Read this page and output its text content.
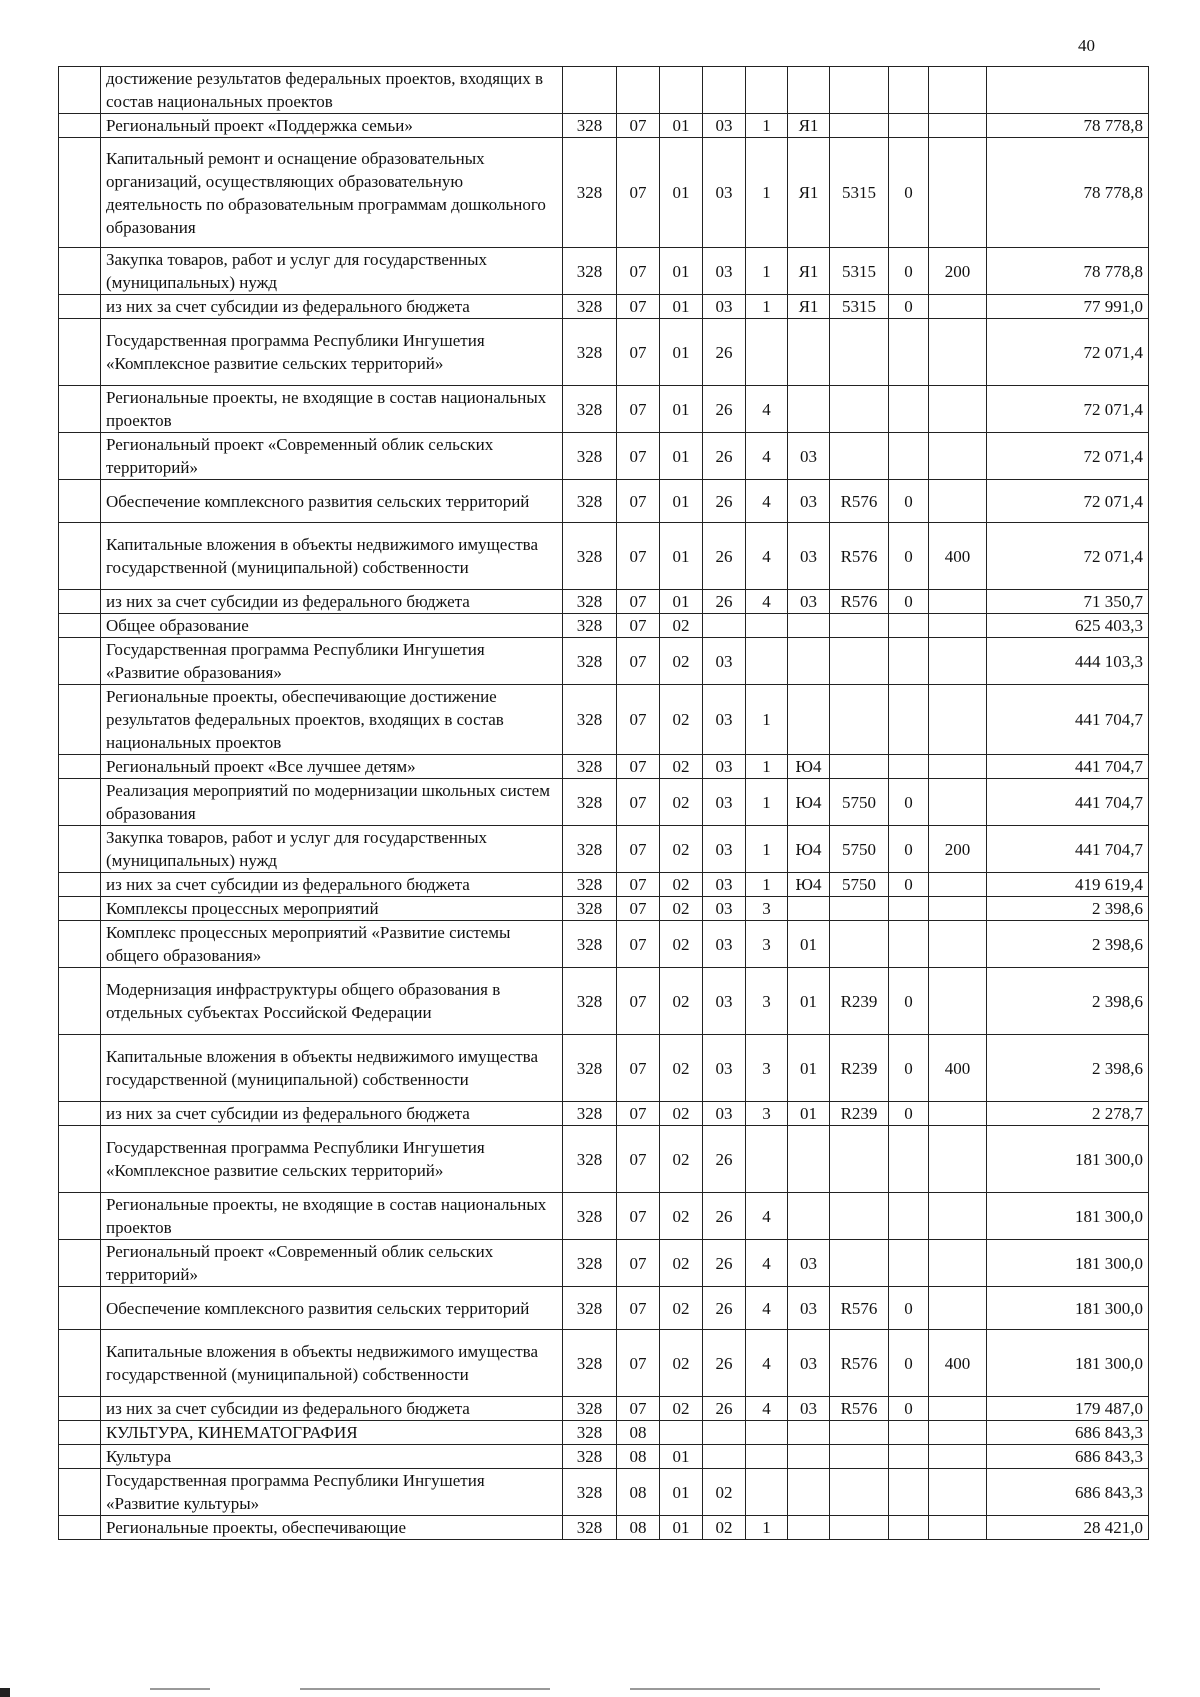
40
	достижение результатов федеральных проектов, входящих в состав национальных проектов										
	Региональный проект «Поддержка семьи»	328	07	01	03	1	Я1				78 778,8
	Капитальный ремонт и оснащение образовательных организаций, осуществляющих образовательную деятельность по образовательным программам дошкольного образования	328	07	01	03	1	Я1	5315	0		78 778,8
	Закупка товаров, работ и услуг для государственных (муниципальных) нужд	328	07	01	03	1	Я1	5315	0	200	78 778,8
	из них за счет субсидии из федерального бюджета	328	07	01	03	1	Я1	5315	0		77 991,0
	Государственная программа Республики Ингушетия «Комплексное развитие сельских территорий»	328	07	01	26						72 071,4
	Региональные проекты, не входящие в состав национальных проектов	328	07	01	26	4					72 071,4
	Региональный проект «Современный облик сельских территорий»	328	07	01	26	4	03				72 071,4
	Обеспечение комплексного развития сельских территорий	328	07	01	26	4	03	R576	0		72 071,4
	Капитальные вложения в объекты недвижимого имущества государственной (муниципальной) собственности	328	07	01	26	4	03	R576	0	400	72 071,4
	из них за счет субсидии из федерального бюджета	328	07	01	26	4	03	R576	0		71 350,7
	Общее образование	328	07	02							625 403,3
	Государственная программа Республики Ингушетия «Развитие образования»	328	07	02	03						444 103,3
	Региональные проекты, обеспечивающие достижение результатов федеральных проектов, входящих в состав национальных проектов	328	07	02	03	1					441 704,7
	Региональный проект «Все лучшее детям»	328	07	02	03	1	Ю4				441 704,7
	Реализация мероприятий по модернизации школьных систем образования	328	07	02	03	1	Ю4	5750	0		441 704,7
	Закупка товаров, работ и услуг для государственных (муниципальных) нужд	328	07	02	03	1	Ю4	5750	0	200	441 704,7
	из них за счет субсидии из федерального бюджета	328	07	02	03	1	Ю4	5750	0		419 619,4
	Комплексы процессных мероприятий	328	07	02	03	3					2 398,6
	Комплекс процессных мероприятий «Развитие системы общего образования»	328	07	02	03	3	01				2 398,6
	Модернизация инфраструктуры общего образования в отдельных субъектах Российской Федерации	328	07	02	03	3	01	R239	0		2 398,6
	Капитальные вложения в объекты недвижимого имущества государственной (муниципальной) собственности	328	07	02	03	3	01	R239	0	400	2 398,6
	из них за счет субсидии из федерального бюджета	328	07	02	03	3	01	R239	0		2 278,7
	Государственная программа Республики Ингушетия «Комплексное развитие сельских территорий»	328	07	02	26						181 300,0
	Региональные проекты, не входящие в состав национальных проектов	328	07	02	26	4					181 300,0
	Региональный проект «Современный облик сельских территорий»	328	07	02	26	4	03				181 300,0
	Обеспечение комплексного развития сельских территорий	328	07	02	26	4	03	R576	0		181 300,0
	Капитальные вложения в объекты недвижимого имущества государственной (муниципальной) собственности	328	07	02	26	4	03	R576	0	400	181 300,0
	из них за счет субсидии из федерального бюджета	328	07	02	26	4	03	R576	0		179 487,0
	КУЛЬТУРА, КИНЕМАТОГРАФИЯ	328	08								686 843,3
	Культура	328	08	01							686 843,3
	Государственная программа Республики Ингушетия «Развитие культуры»	328	08	01	02						686 843,3
	Региональные проекты, обеспечивающие	328	08	01	02	1					28 421,0
